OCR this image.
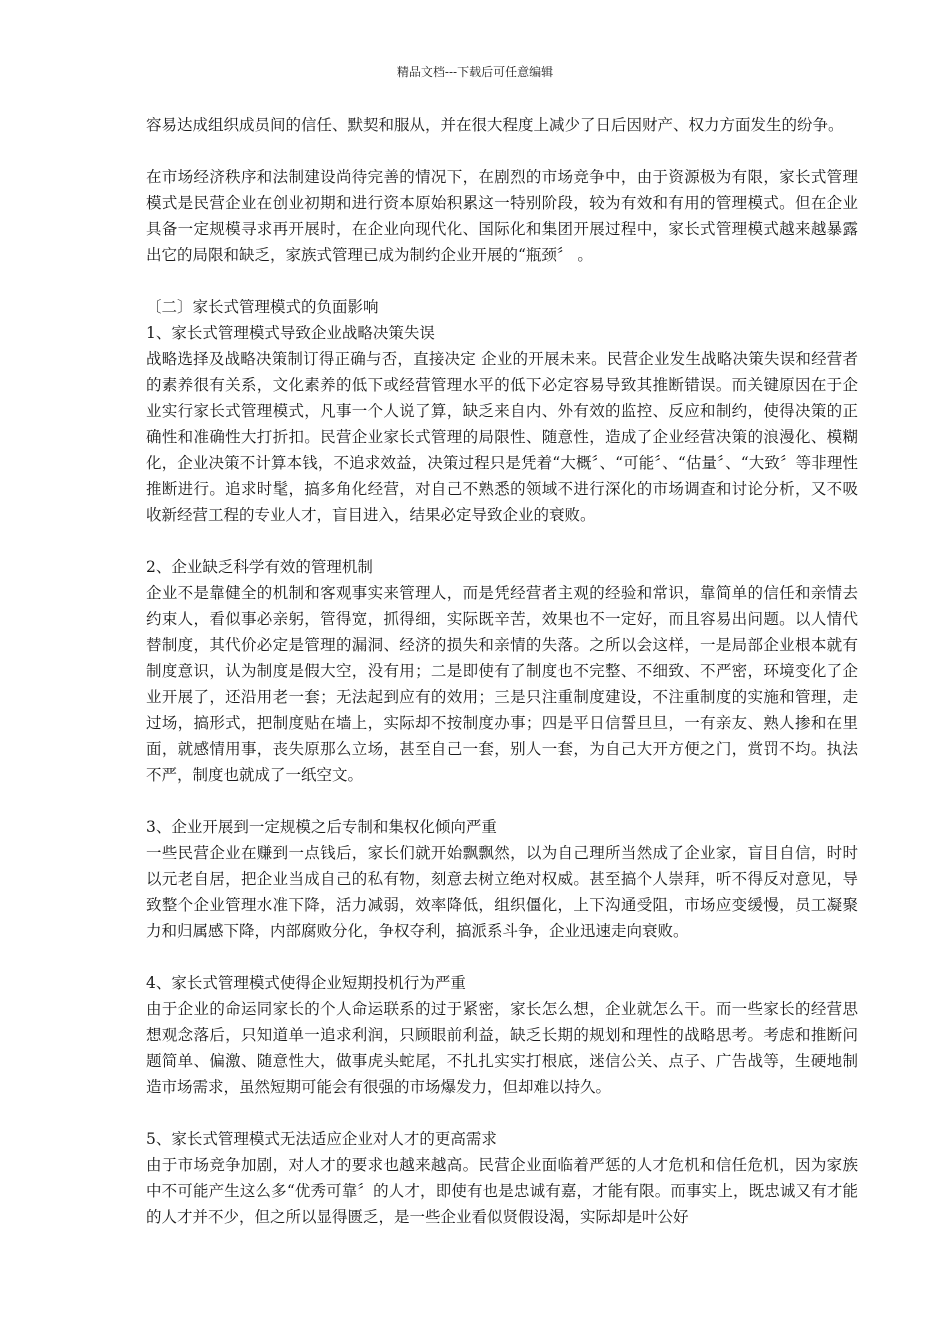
精品文档---下载后可任意编辑

容易达成组织成员间的信任、默契和服从，并在很大程度上减少了日后因财产、权力方面发生的纷争。

在市场经济秩序和法制建设尚待完善的情况下，在剧烈的市场竞争中，由于资源极为有限，家长式管理模式是民营企业在创业初期和进行资本原始积累这一特别阶段，较为有效和有用的管理模式。但在企业具备一定规模寻求再开展时，在企业向现代化、国际化和集团开展过程中，家长式管理模式越来越暴露出它的局限和缺乏，家族式管理已成为制约企业开展的“瓶颈〞 。

〔二〕家长式管理模式的负面影响

1、家长式管理模式导致企业战略决策失误

战略选择及战略决策制订得正确与否，直接决定 企业的开展未来。民营企业发生战略决策失误和经营者的素养很有关系，文化素养的低下或经营管理水平的低下必定容易导致其推断错误。而关键原因在于企业实行家长式管理模式，凡事一个人说了算，缺乏来自内、外有效的监控、反应和制约，使得决策的正确性和准确性大打折扣。民营企业家长式管理的局限性、随意性，造成了企业经营决策的浪漫化、模糊化，企业决策不计算本钱，不追求效益，决策过程只是凭着“大概〞、“可能〞、“估量〞、“大致〞等非理性推断进行。追求时髦，搞多角化经营，对自己不熟悉的领域不进行深化的市场调查和讨论分析，又不吸收新经营工程的专业人才，盲目进入，结果必定导致企业的衰败。

2、企业缺乏科学有效的管理机制

企业不是靠健全的机制和客观事实来管理人，而是凭经营者主观的经验和常识，靠简单的信任和亲情去约束人，看似事必亲躬，管得宽，抓得细，实际既辛苦，效果也不一定好，而且容易出问题。以人情代替制度，其代价必定是管理的漏洞、经济的损失和亲情的失落。之所以会这样，一是局部企业根本就有制度意识，认为制度是假大空，没有用；二是即使有了制度也不完整、不细致、不严密，环境变化了企业开展了，还沿用老一套；无法起到应有的效用；三是只注重制度建设，不注重制度的实施和管理，走过场，搞形式，把制度贴在墙上，实际却不按制度办事；四是平日信誓旦旦，一有亲友、熟人掺和在里面，就感情用事，丧失原那么立场，甚至自己一套，别人一套，为自己大开方便之门，赏罚不均。执法不严，制度也就成了一纸空文。

3、企业开展到一定规模之后专制和集权化倾向严重

一些民营企业在赚到一点钱后，家长们就开始飘飘然，以为自己理所当然成了企业家，盲目自信，时时以元老自居，把企业当成自己的私有物，刻意去树立绝对权威。甚至搞个人崇拜，听不得反对意见，导致整个企业管理水准下降，活力减弱，效率降低，组织僵化，上下沟通受阻，市场应变缓慢，员工凝聚力和归属感下降，内部腐败分化，争权夺利，搞派系斗争，企业迅速走向衰败。

4、家长式管理模式使得企业短期投机行为严重

由于企业的命运同家长的个人命运联系的过于紧密，家长怎么想，企业就怎么干。而一些家长的经营思想观念落后，只知道单一追求利润，只顾眼前利益，缺乏长期的规划和理性的战略思考。考虑和推断问题简单、偏激、随意性大，做事虎头蛇尾，不扎扎实实打根底，迷信公关、点子、广告战等，生硬地制造市场需求，虽然短期可能会有很强的市场爆发力，但却难以持久。

5、家长式管理模式无法适应企业对人才的更高需求

由于市场竞争加剧，对人才的要求也越来越高。民营企业面临着严惩的人才危机和信任危机，因为家族中不可能产生这么多“优秀可靠〞的人才，即使有也是忠诚有嘉，才能有限。而事实上，既忠诚又有才能的人才并不少，但之所以显得匮乏，是一些企业看似贤假设渴，实际却是叶公好
